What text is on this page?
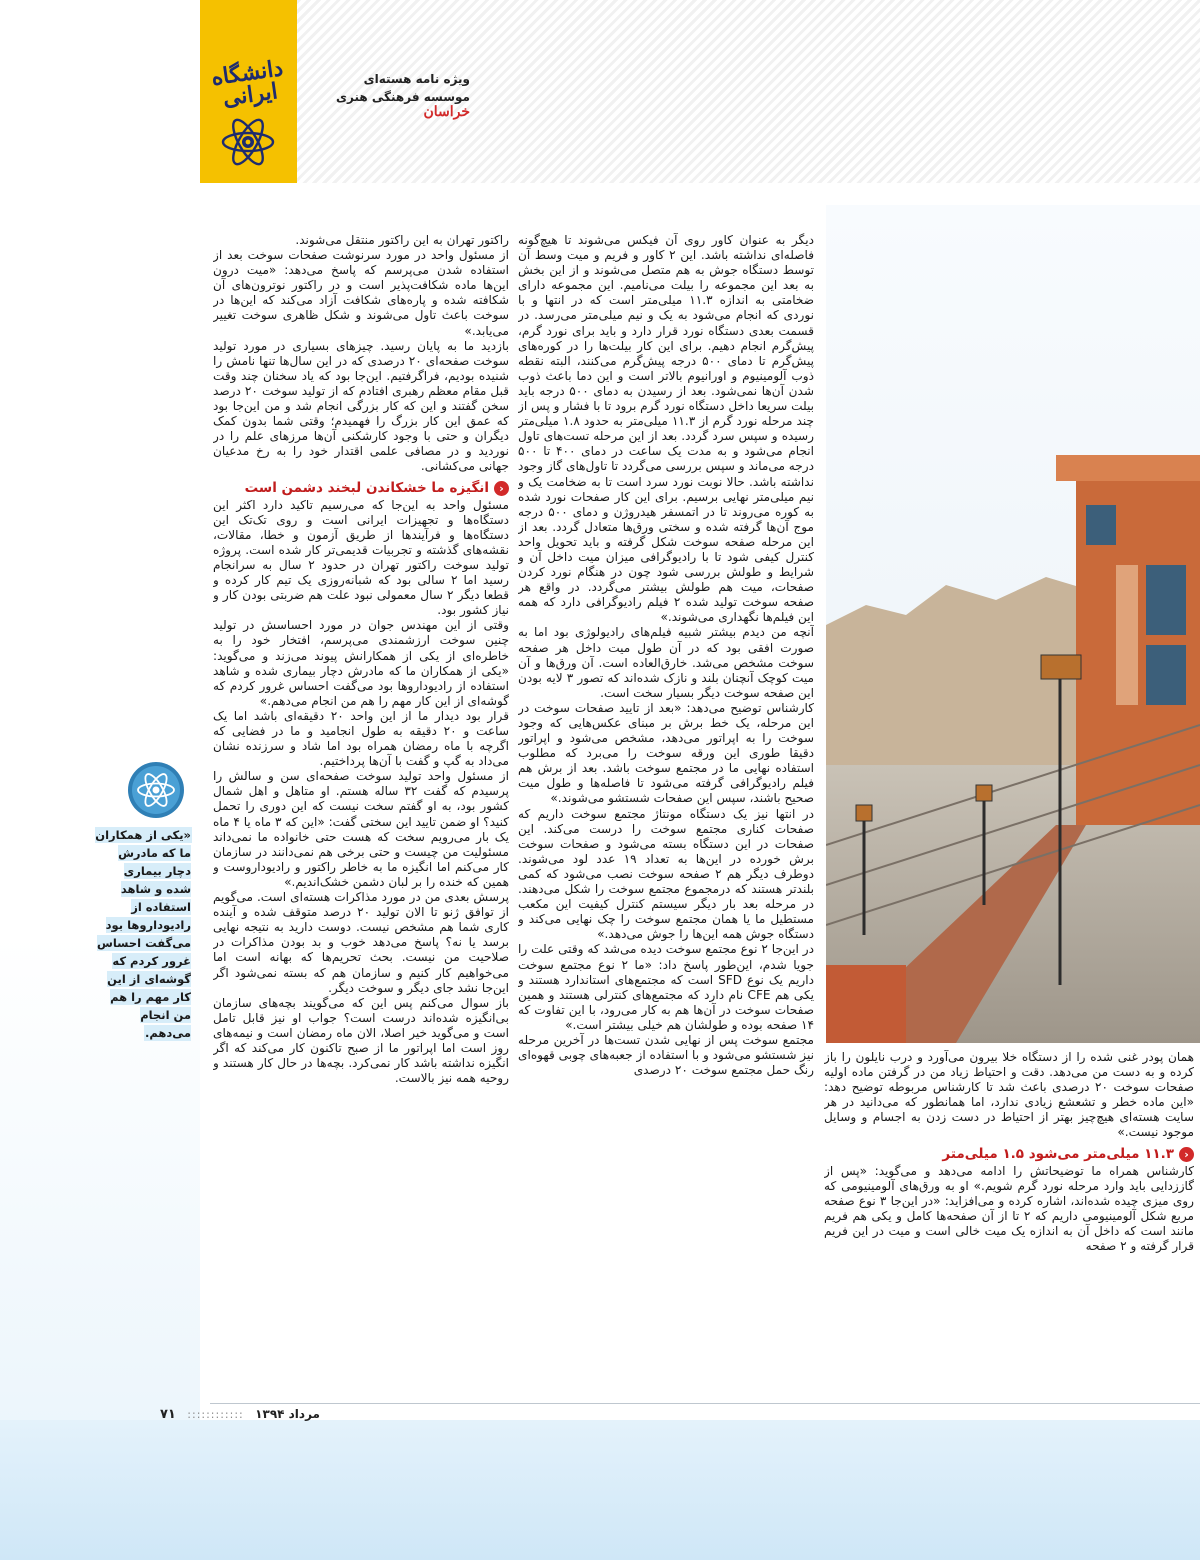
دانشگاه ایرانی	ویژه نامه هسته‌ای
موسسه فرهنگی هنری خراسان

دیگر به عنوان کاور روی آن فیکس می‌شوند تا هیچ‌گونه فاصله‌ای نداشته باشد. این ۲ کاور و فریم و میت وسط آن توسط دستگاه جوش به هم متصل می‌شوند و از این بخش به بعد این مجموعه را بیلت می‌نامیم. این مجموعه دارای ضخامتی به اندازه ۱۱.۳ میلی‌متر است که در انتها و با نوردی که انجام می‌شود به یک و نیم میلی‌متر می‌رسد. در قسمت بعدی دستگاه نورد قرار دارد و باید برای نورد گرم، پیش‌گرم انجام دهیم. برای این کار بیلت‌ها را در کوره‌های پیش‌گرم تا دمای ۵۰۰ درجه پیش‌گرم می‌کنند، البته نقطه ذوب آلومینیوم و اورانیوم بالاتر است و این دما باعث ذوب شدن آن‌ها نمی‌شود. بعد از رسیدن به دمای ۵۰۰ درجه باید بیلت سریعا داخل دستگاه نورد گرم برود تا با فشار و پس از چند مرحله نورد گرم از ۱۱.۳ میلی‌متر به حدود ۱.۸ میلی‌متر رسیده و سپس سرد گردد. بعد از این مرحله تست‌های تاول انجام می‌شود و به مدت یک ساعت در دمای ۴۰۰ تا ۵۰۰ درجه می‌ماند و سپس بررسی می‌گردد تا تاول‌های گاز وجود نداشته باشد. حالا نوبت نورد سرد است تا به ضخامت یک و نیم میلی‌متر نهایی برسیم. برای این کار صفحات نورد شده به کوره می‌روند تا در اتمسفر هیدروژن و دمای ۵۰۰ درجه موج آن‌ها گرفته شده و سختی ورق‌ها متعادل گردد. بعد از این مرحله صفحه سوخت شکل گرفته و باید تحویل واحد کنترل کیفی شود تا با رادیوگرافی میزان میت داخل آن و شرایط و طولش بررسی شود چون در هنگام نورد کردن صفحات، میت هم طولش بیشتر می‌گردد. در واقع هر صفحه سوخت تولید شده ۲ فیلم رادیوگرافی دارد که همه این فیلم‌ها نگهداری می‌شوند.»

آنچه من دیدم بیشتر شبیه فیلم‌های رادیولوژی بود اما به صورت افقی بود که در آن طول میت داخل هر صفحه سوخت مشخص می‌شد. خارق‌العاده است. آن ورق‌ها و آن میت کوچک آنچنان بلند و نازک شده‌اند که تصور ۳ لایه بودن این صفحه سوخت دیگر بسیار سخت است.

کارشناس توضیح می‌دهد: «بعد از تایید صفحات سوخت در این مرحله، یک خط برش بر مبنای عکس‌هایی که وجود سوخت را به اپراتور می‌دهد، مشخص می‌شود و اپراتور دقیقا طوری این ورقه سوخت را می‌برد که مطلوب استفاده نهایی ما در مجتمع سوخت باشد. بعد از برش هم فیلم رادیوگرافی گرفته می‌شود تا فاصله‌ها و طول میت صحیح باشند، سپس این صفحات شستشو می‌شوند.»

در انتها نیز یک دستگاه مونتاژ مجتمع سوخت داریم که صفحات کناری مجتمع سوخت را درست می‌کند. این صفحات در این دستگاه بسته می‌شود و صفحات سوخت برش خورده در این‌ها به تعداد ۱۹ عدد لود می‌شوند. دوطرف دیگر هم ۲ صفحه سوخت نصب می‌شود که کمی بلندتر هستند که درمجموع مجتمع سوخت را شکل می‌دهند. در مرحله بعد بار دیگر سیستم کنترل کیفیت این مکعب مستطیل ما یا همان مجتمع سوخت را چک نهایی می‌کند و دستگاه جوش همه این‌ها را جوش می‌دهد.»

در این‌جا ۲ نوع مجتمع سوخت دیده می‌شد که وقتی علت را جویا شدم، این‌طور پاسخ داد: «ما ۲ نوع مجتمع سوخت داریم یک نوع SFD است که مجتمع‌های استاندارد هستند و یکی هم CFE نام دارد که مجتمع‌های کنترلی هستند و همین صفحات سوخت در آن‌ها هم به کار می‌رود، با این تفاوت که ۱۴ صفحه بوده و طولشان هم خیلی بیشتر است.»

مجتمع سوخت پس از نهایی شدن تست‌ها در آخرین مرحله نیز شستشو می‌شود و با استفاده از جعبه‌های چوبی قهوه‌ای رنگ حمل مجتمع سوخت ۲۰ درصدی

راکتور تهران به این راکتور منتقل می‌شوند.

از مسئول واحد در مورد سرنوشت صفحات سوخت بعد از استفاده شدن می‌پرسم که پاسخ می‌دهد: «میت درون این‌ها ماده شکافت‌پذیر است و در راکتور نوترون‌های آن شکافته شده و پاره‌های شکافت آزاد می‌کند که این‌ها در سوخت باعث تاول می‌شوند و شکل ظاهری سوخت تغییر می‌یابد.»

بازدید ما به پایان رسید. چیزهای بسیاری در مورد تولید سوخت صفحه‌ای ۲۰ درصدی که در این سال‌ها تنها نامش را شنیده بودیم، فراگرفتیم. این‌جا بود که یاد سخنان چند وقت قبل مقام معظم رهبری افتادم که از تولید سوخت ۲۰ درصد سخن گفتند و این که کار بزرگی انجام شد و من این‌جا بود که عمق این کار بزرگ را فهمیدم؛ وقتی شما بدون کمک دیگران و حتی با وجود کارشکنی آن‌ها مرزهای علم را در نوردید و در مصافی علمی اقتدار خود را به رخ مدعیان جهانی می‌کشانی.

‹
انگیزه ما خشکاندن لبخند دشمن است

مسئول واحد به این‌جا که می‌رسیم تاکید دارد اکثر این دستگاه‌ها و تجهیزات ایرانی است و روی تک‌تک این دستگاه‌ها و فرآیندها از طریق آزمون و خطا، مقالات، نقشه‌های گذشته و تجربیات قدیمی‌تر کار شده است. پروژه تولید سوخت راکتور تهران در حدود ۲ سال به سرانجام رسید اما ۲ سالی بود که شبانه‌روزی یک تیم کار کرده و قطعا دیگر ۲ سال معمولی نبود علت هم ضربتی بودن کار و نیاز کشور بود.

وقتی از این مهندس جوان در مورد احساسش در تولید چنین سوخت ارزشمندی می‌پرسم، افتخار خود را به خاطره‌ای از یکی از همکارانش پیوند می‌زند و می‌گوید: «یکی از همکاران ما که مادرش دچار بیماری شده و شاهد استفاده از رادیوداروها بود می‌گفت احساس غرور کردم که گوشه‌ای از این کار مهم را هم من انجام می‌دهم.»

قرار بود دیدار ما از این واحد ۲۰ دقیقه‌ای باشد اما یک ساعت و ۲۰ دقیقه به طول انجامید و ما در فضایی که اگرچه با ماه رمضان همراه بود اما شاد و سرزنده نشان می‌داد به گپ و گفت با آن‌ها پرداختیم.

از مسئول واحد تولید سوخت صفحه‌ای سن و سالش را پرسیدم که گفت ۳۲ ساله هستم. او متاهل و اهل شمال کشور بود، به او گفتم سخت نیست که این دوری را تحمل کنید؟ او ضمن تایید این سختی گفت: «این که ۳ ماه یا ۴ ماه یک بار می‌رویم سخت که هست حتی خانواده ما نمی‌داند مسئولیت من چیست و حتی برخی هم نمی‌دانند در سازمان کار می‌کنم اما انگیزه ما به خاطر راکتور و رادیوداروست و همین که خنده را بر لبان دشمن خشک‌اندیم.»

پرسش بعدی من در مورد مذاکرات هسته‌ای است. می‌گویم از توافق ژنو تا الان تولید ۲۰ درصد متوقف شده و آینده کاری شما هم مشخص نیست. دوست دارید به نتیجه نهایی برسد یا نه؟ پاسخ می‌دهد خوب و بد بودن مذاکرات در صلاحیت من نیست. بحث تحریم‌ها که بهانه است اما می‌خواهیم کار کنیم و سازمان هم که بسته نمی‌شود اگر این‌جا نشد جای دیگر و سوخت دیگر.

باز سوال می‌کنم پس این که می‌گویند بچه‌های سازمان بی‌انگیزه شده‌اند درست است؟ جواب او نیز قابل تامل است و می‌گوید خیر اصلا، الان ماه رمضان است و نیمه‌های روز است اما اپراتور ما از صبح تاکنون کار می‌کند که اگر انگیزه نداشته باشد کار نمی‌کرد. بچه‌ها در حال کار هستند و روحیه همه نیز بالاست.

همان پودر غنی شده را از دستگاه خلا بیرون می‌آورد و درب نایلون را باز کرده و به دست من می‌دهد. دقت و احتیاط زیاد من در گرفتن ماده اولیه صفحات سوخت ۲۰ درصدی باعث شد تا کارشناس مربوطه توضیح دهد: «این ماده خطر و تشعشع زیادی ندارد، اما همانطور که می‌دانید در هر سایت هسته‌ای هیچ‌چیز بهتر از احتیاط در دست زدن به اجسام و وسایل موجود نیست.»

‹
۱۱.۳ میلی‌متر می‌شود ۱.۵ میلی‌متر

کارشناس همراه ما توضیحاتش را ادامه می‌دهد و می‌گوید: «پس از گاززدایی باید وارد مرحله نورد گرم شویم.» او به ورق‌های آلومینیومی که روی میزی چیده شده‌اند، اشاره کرده و می‌افزاید: «در این‌جا ۳ نوع صفحه مربع شکل آلومینیومی داریم که ۲ تا از آن صفحه‌ها کامل و یکی هم فریم مانند است که داخل آن به اندازه یک میت خالی است و میت در این فریم قرار گرفته و ۲ صفحه

«یکی از همکاران ما که مادرش دچار بیماری شده و شاهد استفاده از رادیوداروها بود می‌گفت احساس غرور کردم که گوشه‌ای از این کار مهم را هم من انجام می‌دهم.
۷۱ :::::::::::: مرداد ۱۳۹۴
